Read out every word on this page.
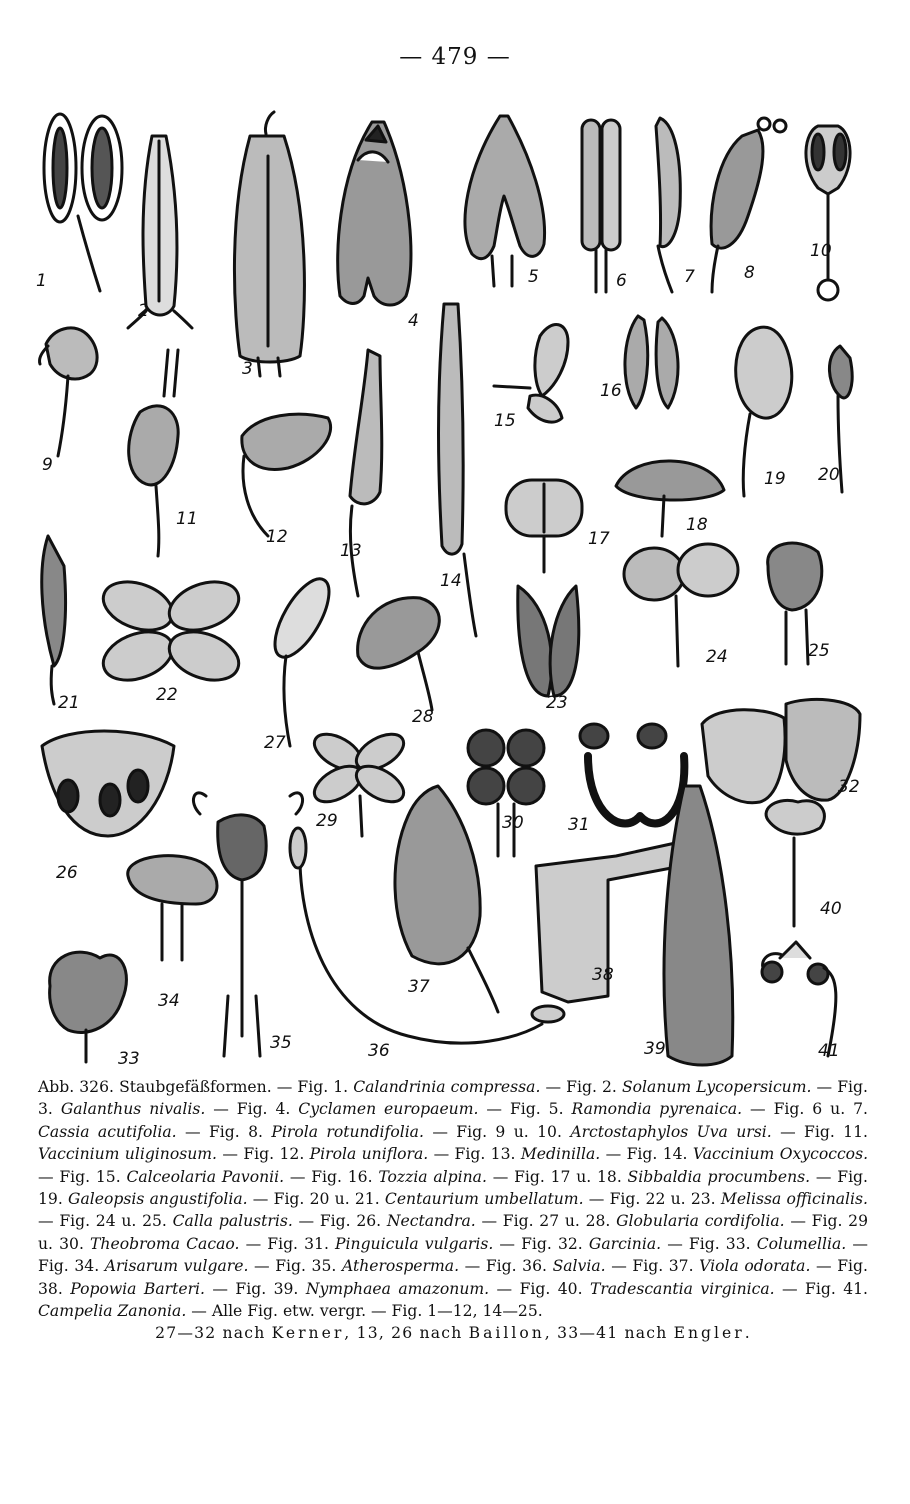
— 479 —
1
2
3
4
5	6	7	8
10
9
15
16
19 20
11
12
13
14
17
18
21	22
27
28
23
24	25
26
29	30	31
32
40
34
35	36
37
38
39	41
33
Abb. 326. Staubgefäßformen. — Fig. 1. Calandrinia compressa. — Fig. 2. Solanum Lycopersicum. — Fig. 3. Galanthus nivalis. — Fig. 4. Cyclamen europaeum. — Fig. 5. Ramondia pyrenaica. — Fig. 6 u. 7. Cassia acutifolia. — Fig. 8. Pirola rotundifolia. — Fig. 9 u. 10. Arctostaphylos Uva ursi. — Fig. 11. Vaccinium uliginosum. — Fig. 12. Pirola uniflora. — Fig. 13. Medinilla. — Fig. 14. Vaccinium Oxycoccos. — Fig. 15. Calceolaria Pavonii. — Fig. 16. Tozzia alpina. — Fig. 17 u. 18. Sibbaldia procumbens. — Fig. 19. Galeopsis angustifolia. — Fig. 20 u. 21. Centaurium umbellatum. — Fig. 22 u. 23. Melissa officinalis. — Fig. 24 u. 25. Calla palustris. — Fig. 26. Nectandra. — Fig. 27 u. 28. Globularia cordifolia. — Fig. 29 u. 30. Theobroma Cacao. — Fig. 31. Pinguicula vulgaris. — Fig. 32. Garcinia. — Fig. 33. Columellia. — Fig. 34. Arisarum vulgare. — Fig. 35. Atherosperma. — Fig. 36. Salvia. — Fig. 37. Viola odorata. — Fig. 38. Popowia Barteri. — Fig. 39. Nymphaea amazonum. — Fig. 40. Tradescantia virginica. — Fig. 41. Campelia Zanonia. — Alle Fig. etw. vergr. — Fig. 1—12, 14—25.
27—32 nach Kerner, 13, 26 nach Baillon, 33—41 nach Engler.
